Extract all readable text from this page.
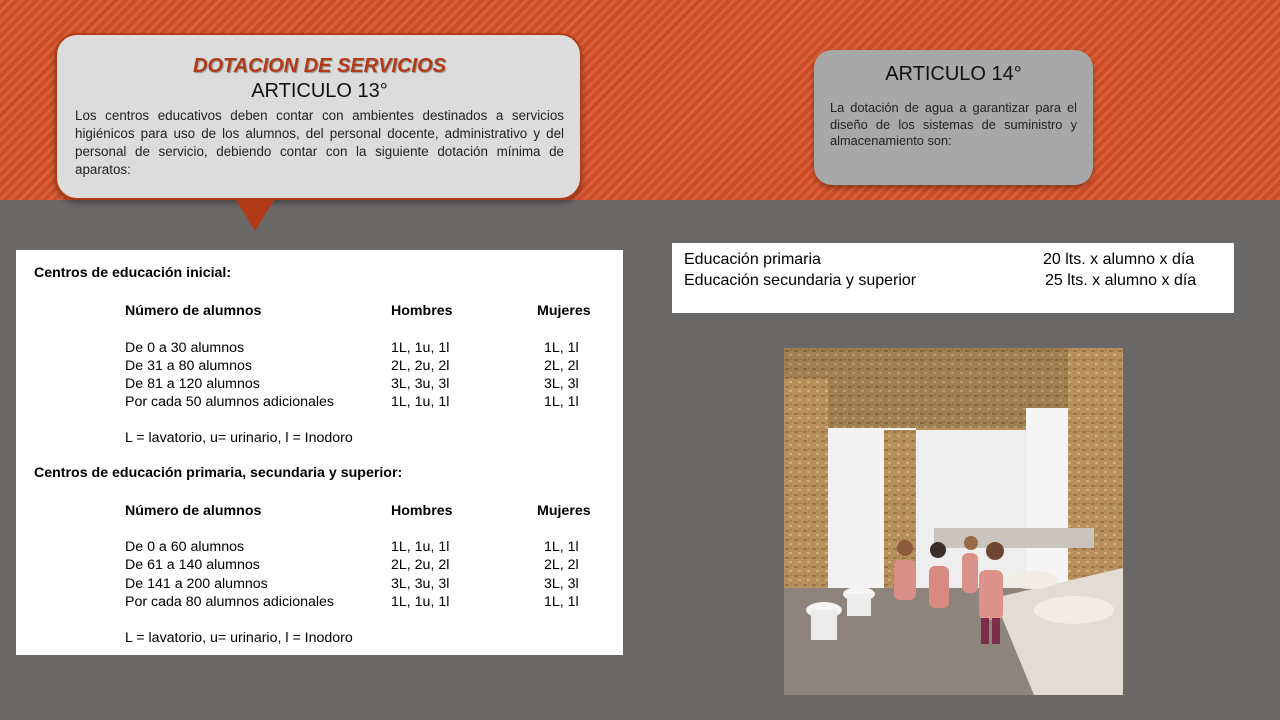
DOTACION DE SERVICIOS
ARTICULO 13°
Los centros educativos deben contar con ambientes destinados a servicios higiénicos para uso de los alumnos, del personal docente, administrativo y del personal de servicio, debiendo contar con la siguiente dotación mínima de aparatos:
ARTICULO 14°
La dotación de agua a garantizar para el diseño de los sistemas de suministro y almacenamiento son:
Centros de educación inicial:
Número de alumnos	Hombres	Mujeres
De 0 a 30 alumnos	1L, 1u, 1l	1L, 1l
De 31 a 80 alumnos	2L, 2u, 2l	2L, 2l
De 81 a 120 alumnos	3L, 3u, 3l	3L, 3l
Por cada 50 alumnos adicionales	1L, 1u, 1l	1L, 1l
L = lavatorio, u= urinario, l = Inodoro
Centros de educación primaria, secundaria y superior:
Número de alumnos	Hombres	Mujeres
De 0 a 60 alumnos	1L, 1u, 1l	1L, 1l
De 61 a 140 alumnos	2L, 2u, 2l	2L, 2l
De 141 a 200 alumnos	3L, 3u, 3l	3L, 3l
Por cada 80 alumnos adicionales	1L, 1u, 1l	1L, 1l
L = lavatorio, u= urinario, l = Inodoro
Educación primaria	20 lts. x alumno x día
Educación secundaria y superior	25 lts. x alumno x día
